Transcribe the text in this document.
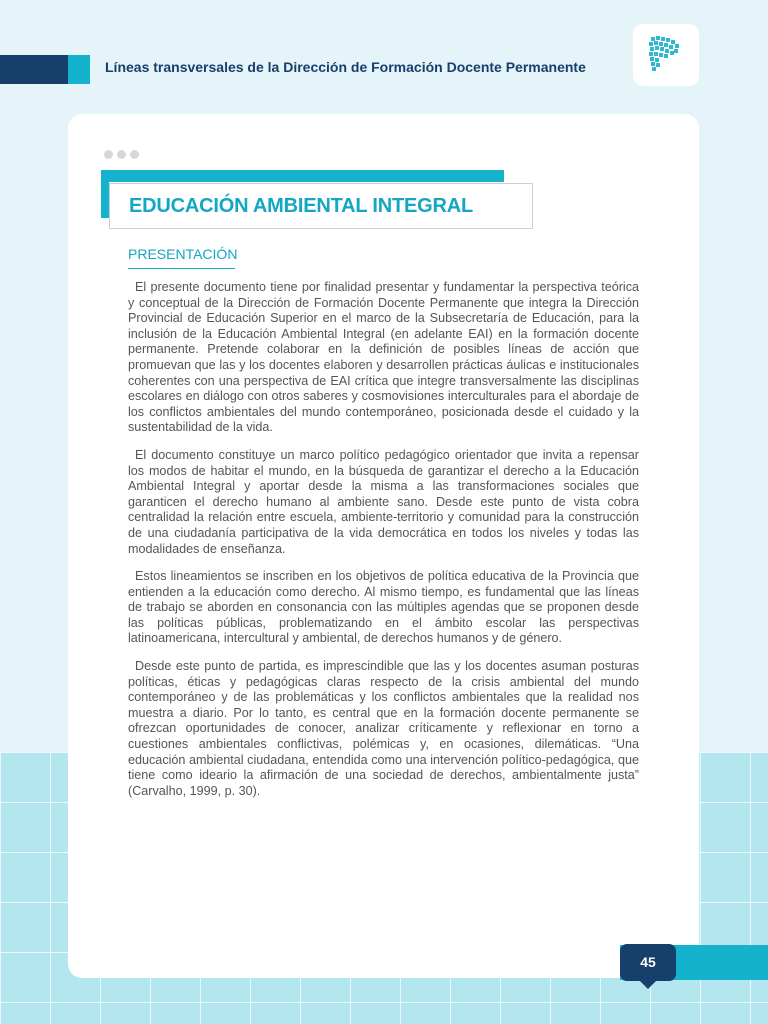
Líneas transversales de la Dirección de Formación Docente Permanente
EDUCACIÓN AMBIENTAL INTEGRAL
PRESENTACIÓN

El presente documento tiene por finalidad presentar y fundamentar la perspectiva teórica y conceptual de la Dirección de Formación Docente Permanente que integra la Dirección Provincial de Educación Superior en el marco de la Subsecretaría de Educación, para la inclusión de la Educación Ambiental Integral (en adelante EAI) en la formación docente permanente. Pretende colaborar en la definición de posibles líneas de acción que promuevan que las y los docentes elaboren y desarrollen prácticas áulicas e institucionales coherentes con una perspectiva de EAI crítica que integre transversalmente las disciplinas escolares en diálogo con otros saberes y cosmovisiones interculturales para el abordaje de los conflictos ambientales del mundo contemporáneo, posicionada desde el cuidado y la sustentabilidad de la vida.

El documento constituye un marco político pedagógico orientador que invita a repensar los modos de habitar el mundo, en la búsqueda de garantizar el derecho a la Educación Ambiental Integral y aportar desde la misma a las transformaciones sociales que garanticen el derecho humano al ambiente sano. Desde este punto de vista cobra centralidad la relación entre escuela, ambiente-territorio y comunidad para la construcción de una ciudadanía participativa de la vida democrática en todos los niveles y todas las modalidades de enseñanza.

Estos lineamientos se inscriben en los objetivos de política educativa de la Provincia que entienden a la educación como derecho. Al mismo tiempo, es fundamental que las líneas de trabajo se aborden en consonancia con las múltiples agendas que se proponen desde las políticas públicas, problematizando en el ámbito escolar las perspectivas latinoamericana, intercultural y ambiental, de derechos humanos y de género.

Desde este punto de partida, es imprescindible que las y los docentes asuman posturas políticas, éticas y pedagógicas claras respecto de la crisis ambiental del mundo contemporáneo y de las problemáticas y los conflictos ambientales que la realidad nos muestra a diario. Por lo tanto, es central que en la formación docente permanente se ofrezcan oportunidades de conocer, analizar críticamente y reflexionar en torno a cuestiones ambientales conflictivas, polémicas y, en ocasiones, dilemáticas. “Una educación ambiental ciudadana, entendida como una intervención político-pedagógica, que tiene como ideario la afirmación de una sociedad de derechos, ambientalmente justa” (Carvalho, 1999, p. 30).

45
